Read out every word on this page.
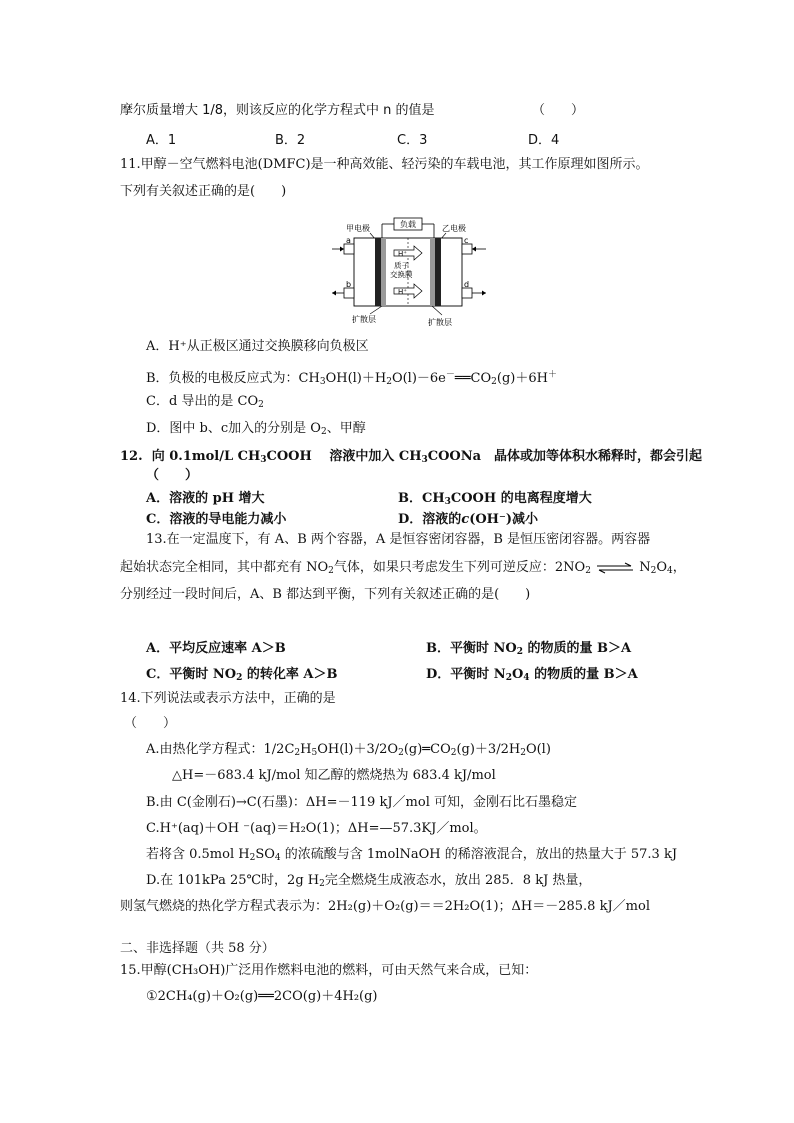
摩尔质量增大 1/8，则该反应的化学方程式中 n 的值是	（　　）
A．1	B．2	C．3	D．4
11.甲醇－空气燃料电池(DMFC)是一种高效能、轻污染的车载电池，其工作原理如图所示。
下列有关叙述正确的是(　　)
负载
甲电极	乙电极
H⁺
质子
交换膜
H⁺
a
b
c
d
扩散层	扩散层
A．H⁺从正极区通过交换膜移向负极区
B．负极的电极反应式为：$CH_3OH(l)+H_2O(l)-6e^-══CO_2(g)+6H^+$
C．d 导出的是 $CO_2$
D．图中 b、c加入的分别是 $O_2$、甲醇
12. 向 0.1mol/L $CH_3COOH$　 溶液中加入 $CH_3COONa$　晶体或加等体积水稀释时，都会引起
（　　）
A．溶液的 pH 增大	B．$CH_3COOH$ 的电离程度增大
C．溶液的导电能力减小	D．溶液的c(OH⁻)减小
13.在一定温度下，有 A、B 两个容器，A 是恒容密闭容器，B 是恒压密闭容器。两容器
起始状态完全相同，其中都充有 $NO_2$气体，如果只考虑发生下列可逆反应：$2NO_2$ ⇌ $N_2O_4$，
分别经过一段时间后，A、B 都达到平衡，下列有关叙述正确的是(　　)
A．平均反应速率 A＞B	B．平衡时 $NO_2$ 的物质的量 B＞A
C．平衡时 $NO_2$ 的转化率 A＞B	D．平衡时 $N_2O_4$ 的物质的量 B＞A
14.下列说法或表示方法中，正确的是
（　　）
A.由热化学方程式：$1/2C_2H_5OH(l)+3/2O_2(g)═CO_2(g)+3/2H_2O(l)$
△H=－683.4 kJ/mol 知乙醇的燃烧热为 683.4 kJ/mol
B.由 C(金刚石)→C(石墨)：ΔH=－119 kJ／mol 可知，金刚石比石墨稳定
C.H⁺(aq)＋OH ⁻(aq)＝H₂O(1)；ΔH=—57.3KJ／mol。
若将含 0.5mol $H_2SO_4$ 的浓硫酸与含 1molNaOH 的稀溶液混合，放出的热量大于 57.3 kJ
D.在 101kPa 25℃时，2g $H_2$完全燃烧生成液态水，放出 285．8 kJ 热量，
则氢气燃烧的热化学方程式表示为：2H₂(g)＋O₂(g)＝＝2H₂O(1)；ΔH＝－285.8 kJ／mol
二、非选择题（共 58 分）
15.甲醇(CH₃OH)广泛用作燃料电池的燃料，可由天然气来合成，已知：
①2CH₄(g)＋O₂(g)══2CO(g)＋4H₂(g)
